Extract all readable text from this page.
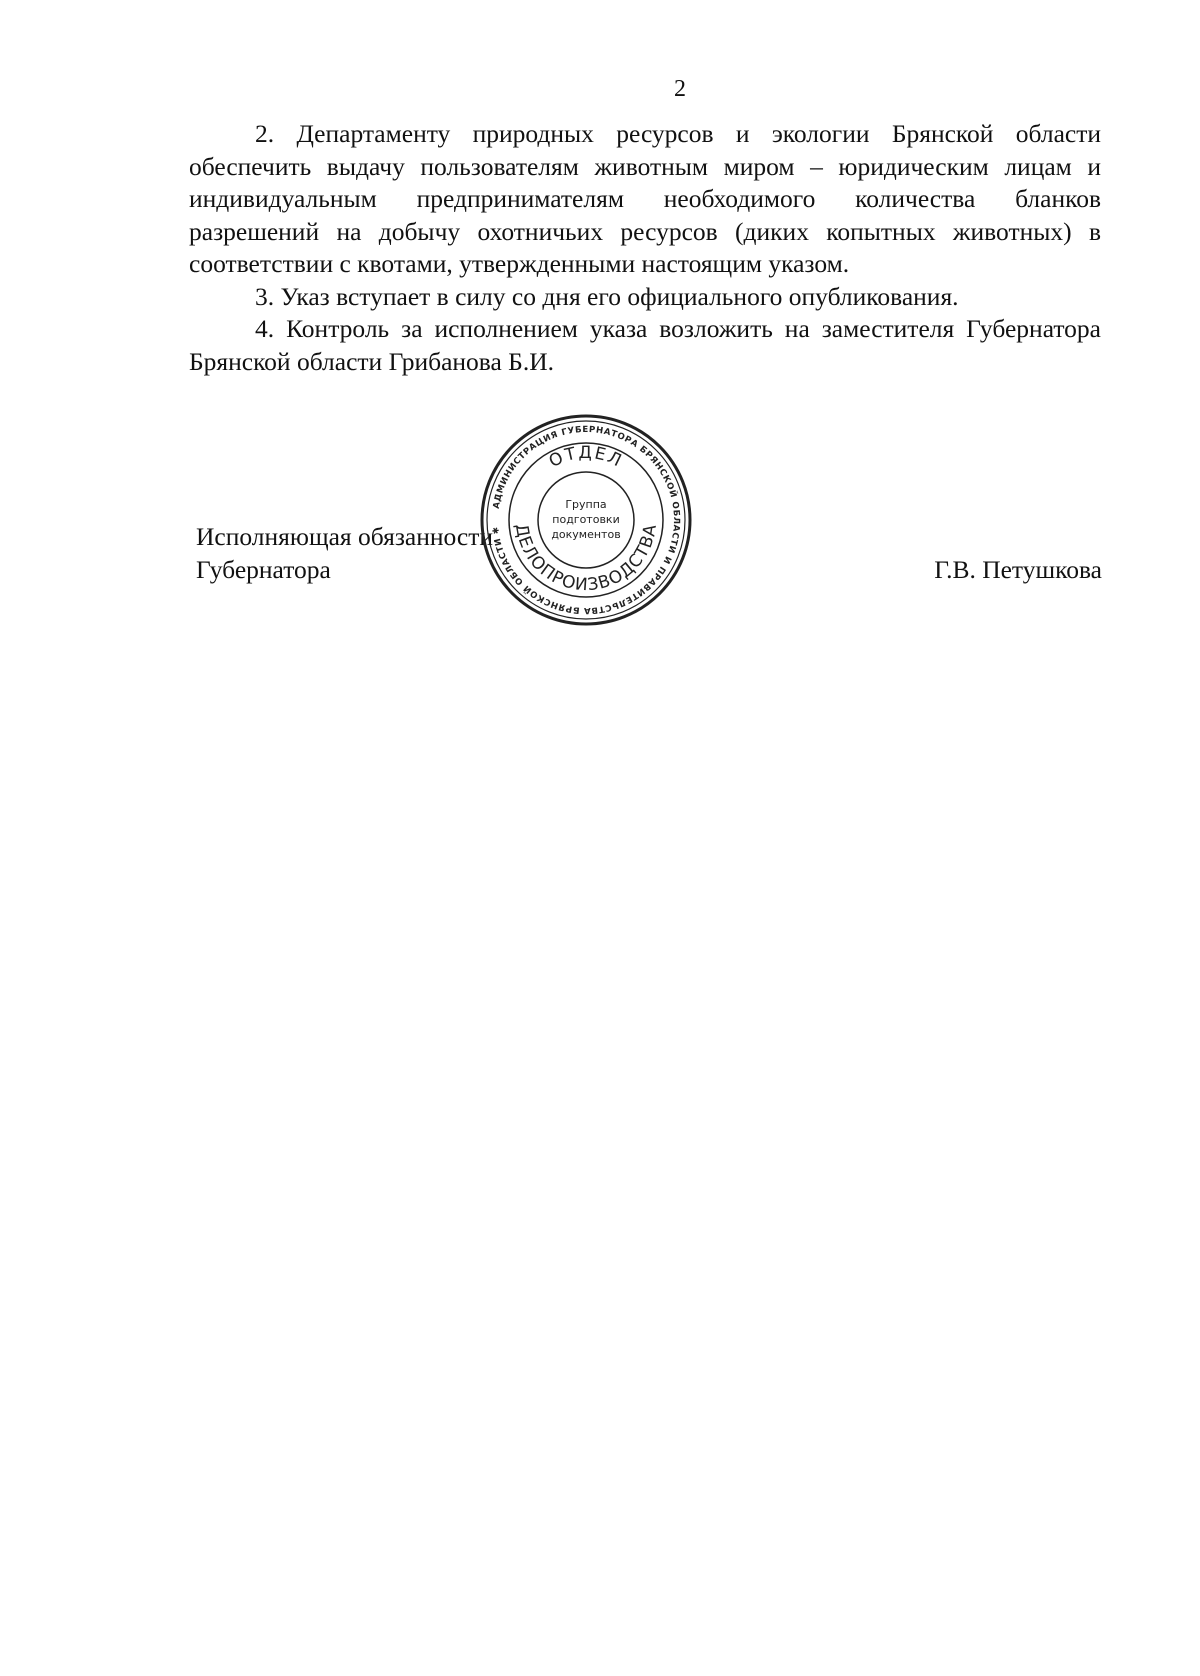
2

2. Департаменту природных ресурсов и экологии Брянской области обеспечить выдачу пользователям животным миром – юридическим лицам и индивидуальным предпринимателям необходимого количества бланков разрешений на добычу охотничьих ресурсов (диких копытных животных) в соответствии с квотами, утвержденными настоящим указом.

3. Указ вступает в силу со дня его официального опубликования.

4. Контроль за исполнением указа возложить на заместителя Губернатора Брянской области Грибанова Б.И.

Исполняющая обязанности
Губернатора	Г.В. Петушкова
АДМИНИСТРАЦИЯ ГУБЕРНАТОРА БРЯНСКОЙ ОБЛАСТИ И ПРАВИТЕЛЬСТВА БРЯНСКОЙ ОБЛАСТИ ✱
ОТДЕЛ
ДЕЛОПРОИЗВОДСТВА
Группа
подготовки
документов
